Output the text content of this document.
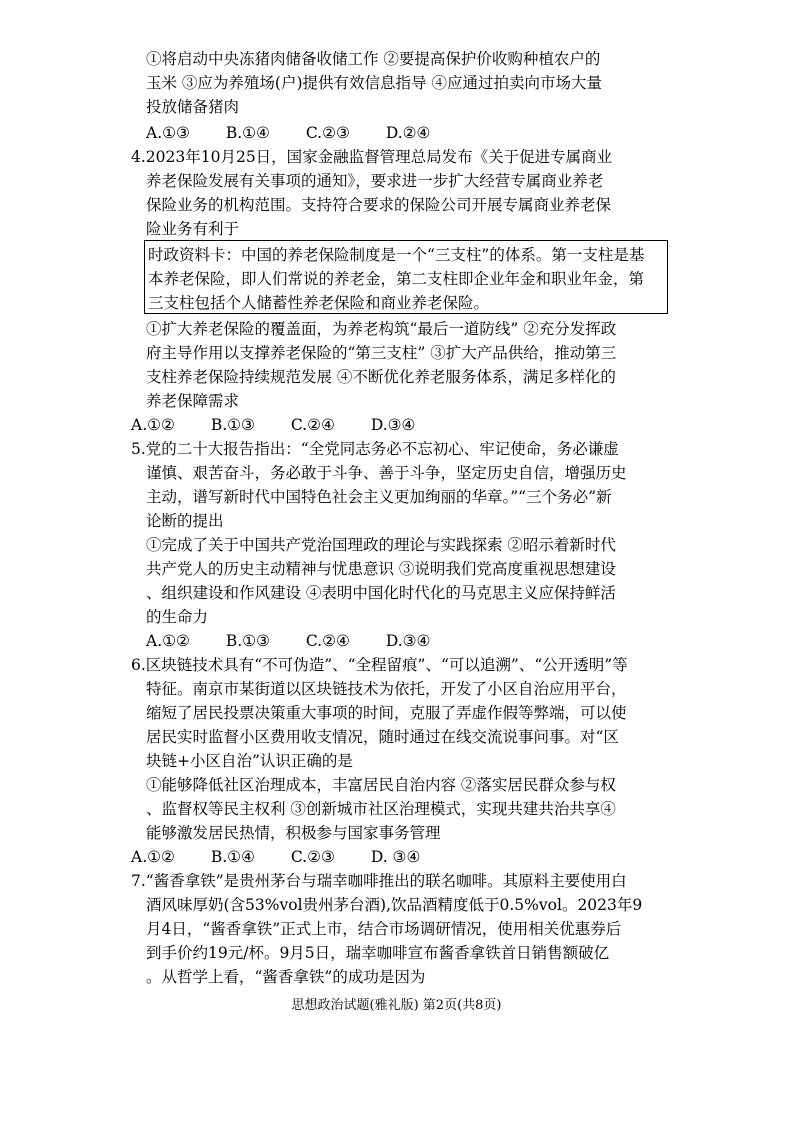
①将启动中央冻猪肉储备收储工作 ②要提高保护价收购种植农户的
玉米 ③应为养殖场(户)提供有效信息指导 ④应通过拍卖向市场大量
投放储备猪肉
A.①③　　 B.①④　　 C.②③　　 D.②④
4.2023年10月25日，国家金融监督管理总局发布《关于促进专属商业
养老保险发展有关事项的通知》，要求进一步扩大经营专属商业养老
保险业务的机构范围。支持符合要求的保险公司开展专属商业养老保
险业务有利于
时政资料卡：中国的养老保险制度是一个“三支柱”的体系。第一支柱是基
本养老保险，即人们常说的养老金，第二支柱即企业年金和职业年金，第
三支柱包括个人储蓄性养老保险和商业养老保险。
①扩大养老保险的覆盖面，为养老构筑“最后一道防线” ②充分发挥政
府主导作用以支撑养老保险的“第三支柱” ③扩大产品供给，推动第三
支柱养老保险持续规范发展 ④不断优化养老服务体系，满足多样化的
养老保障需求
A.①②　　 B.①③　　 C.②④　　 D.③④
5.党的二十大报告指出：“全党同志务必不忘初心、牢记使命，务必谦虚
谨慎、艰苦奋斗，务必敢于斗争、善于斗争，坚定历史自信，增强历史
主动，谱写新时代中国特色社会主义更加绚丽的华章。”“三个务必”新
论断的提出
①完成了关于中国共产党治国理政的理论与实践探索 ②昭示着新时代
共产党人的历史主动精神与忧患意识 ③说明我们党高度重视思想建设
、组织建设和作风建设 ④表明中国化时代化的马克思主义应保持鲜活
的生命力
A.①②　　 B.①③　　 C.②④　　 D.③④
6.区块链技术具有“不可伪造”、“全程留痕”、“可以追溯”、“公开透明”等
特征。南京市某街道以区块链技术为依托，开发了小区自治应用平台，
缩短了居民投票决策重大事项的时间，克服了弄虚作假等弊端，可以使
居民实时监督小区费用收支情况，随时通过在线交流说事问事。对“区
块链+小区自治”认识正确的是
①能够降低社区治理成本，丰富居民自治内容 ②落实居民群众参与权
、监督权等民主权利 ③创新城市社区治理模式，实现共建共治共享④
能够激发居民热情，积极参与国家事务管理
A.①②　　 B.①④　　 C.②③　　 D. ③④
7.“酱香拿铁”是贵州茅台与瑞幸咖啡推出的联名咖啡。其原料主要使用白
酒风味厚奶(含53%vol贵州茅台酒),饮品酒精度低于0.5%vol。2023年9
月4日，“酱香拿铁”正式上市，结合市场调研情况，使用相关优惠券后
到手价约19元/杯。9月5日，瑞幸咖啡宣布酱香拿铁首日销售额破亿
。从哲学上看，“酱香拿铁”的成功是因为
思想政治试题(雅礼版) 第2页(共8页)
